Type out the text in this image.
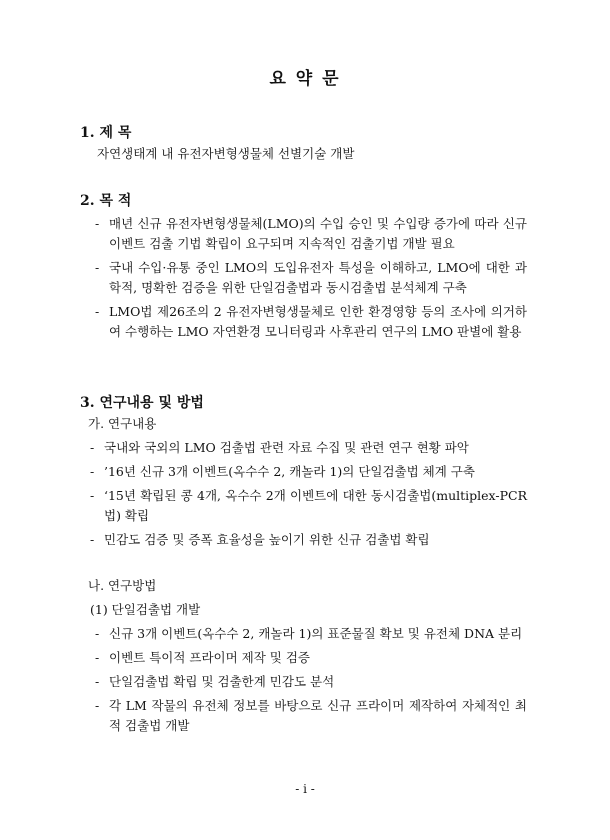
요 약 문
1. 제 목
자연생태계 내 유전자변형생물체 선별기술 개발
2. 목 적
- 매년 신규 유전자변형생물체(LMO)의 수입 승인 및 수입량 증가에 따라 신규 이벤트 검출 기법 확립이 요구되며 지속적인 검출기법 개발 필요
- 국내 수입·유통 중인 LMO의 도입유전자 특성을 이해하고, LMO에 대한 과학적, 명확한 검증을 위한 단일검출법과 동시검출법 분석체계 구축
- LMO법 제26조의 2 유전자변형생물체로 인한 환경영향 등의 조사에 의거하여 수행하는 LMO 자연환경 모니터링과 사후관리 연구의 LMO 판별에 활용
3. 연구내용 및 방법
가. 연구내용
- 국내와 국외의 LMO 검출법 관련 자료 수집 및 관련 연구 현황 파악
- ’16년 신규 3개 이벤트(옥수수 2, 캐놀라 1)의 단일검출법 체계 구축
- ‘15년 확립된 콩 4개, 옥수수 2개 이벤트에 대한 동시검출법(multiplex-PCR법) 확립
- 민감도 검증 및 증폭 효율성을 높이기 위한 신규 검출법 확립
나. 연구방법
(1) 단일검출법 개발
- 신규 3개 이벤트(옥수수 2, 캐놀라 1)의 표준물질 확보 및 유전체 DNA 분리
- 이벤트 특이적 프라이머 제작 및 검증
- 단일검출법 확립 및 검출한계 민감도 분석
- 각 LM 작물의 유전체 정보를 바탕으로 신규 프라이머 제작하여 자체적인 최적 검출법 개발
- i -
